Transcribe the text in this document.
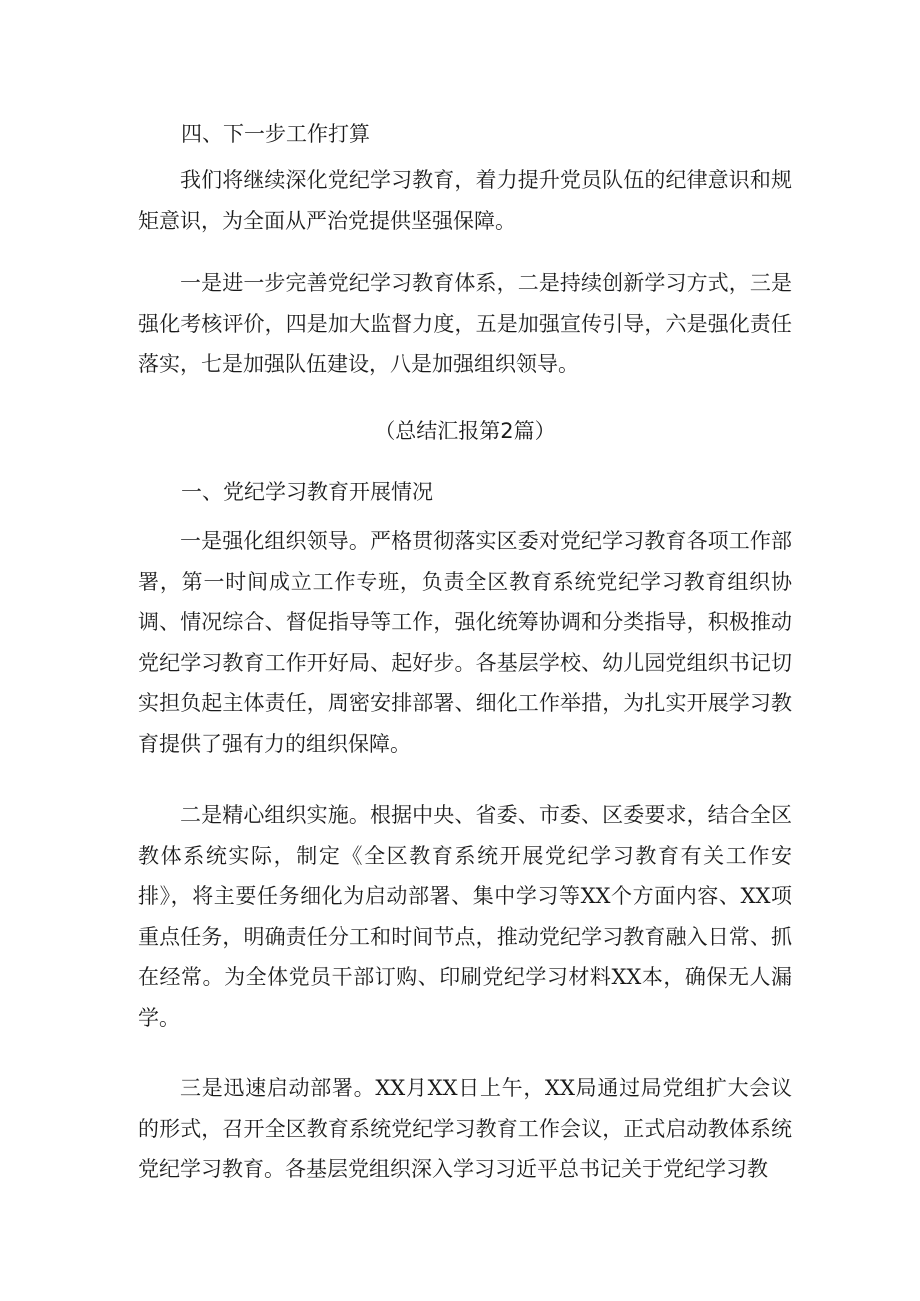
四、下一步工作打算

我们将继续深化党纪学习教育，着力提升党员队伍的纪律意识和规矩意识，为全面从严治党提供坚强保障。

一是进一步完善党纪学习教育体系，二是持续创新学习方式，三是强化考核评价，四是加大监督力度，五是加强宣传引导，六是强化责任落实，七是加强队伍建设，八是加强组织领导。

（总结汇报第2篇）
一、党纪学习教育开展情况

一是强化组织领导。严格贯彻落实区委对党纪学习教育各项工作部署，第一时间成立工作专班，负责全区教育系统党纪学习教育组织协调、情况综合、督促指导等工作，强化统筹协调和分类指导，积极推动党纪学习教育工作开好局、起好步。各基层学校、幼儿园党组织书记切实担负起主体责任，周密安排部署、细化工作举措，为扎实开展学习教育提供了强有力的组织保障。

二是精心组织实施。根据中央、省委、市委、区委要求，结合全区教体系统实际，制定《全区教育系统开展党纪学习教育有关工作安排》，将主要任务细化为启动部署、集中学习等XX个方面内容、XX项重点任务，明确责任分工和时间节点，推动党纪学习教育融入日常、抓在经常。为全体党员干部订购、印刷党纪学习材料XX本，确保无人漏学。

三是迅速启动部署。XX月XX日上午，XX局通过局党组扩大会议的形式，召开全区教育系统党纪学习教育工作会议，正式启动教体系统党纪学习教育。各基层党组织深入学习习近平总书记关于党纪学习教
